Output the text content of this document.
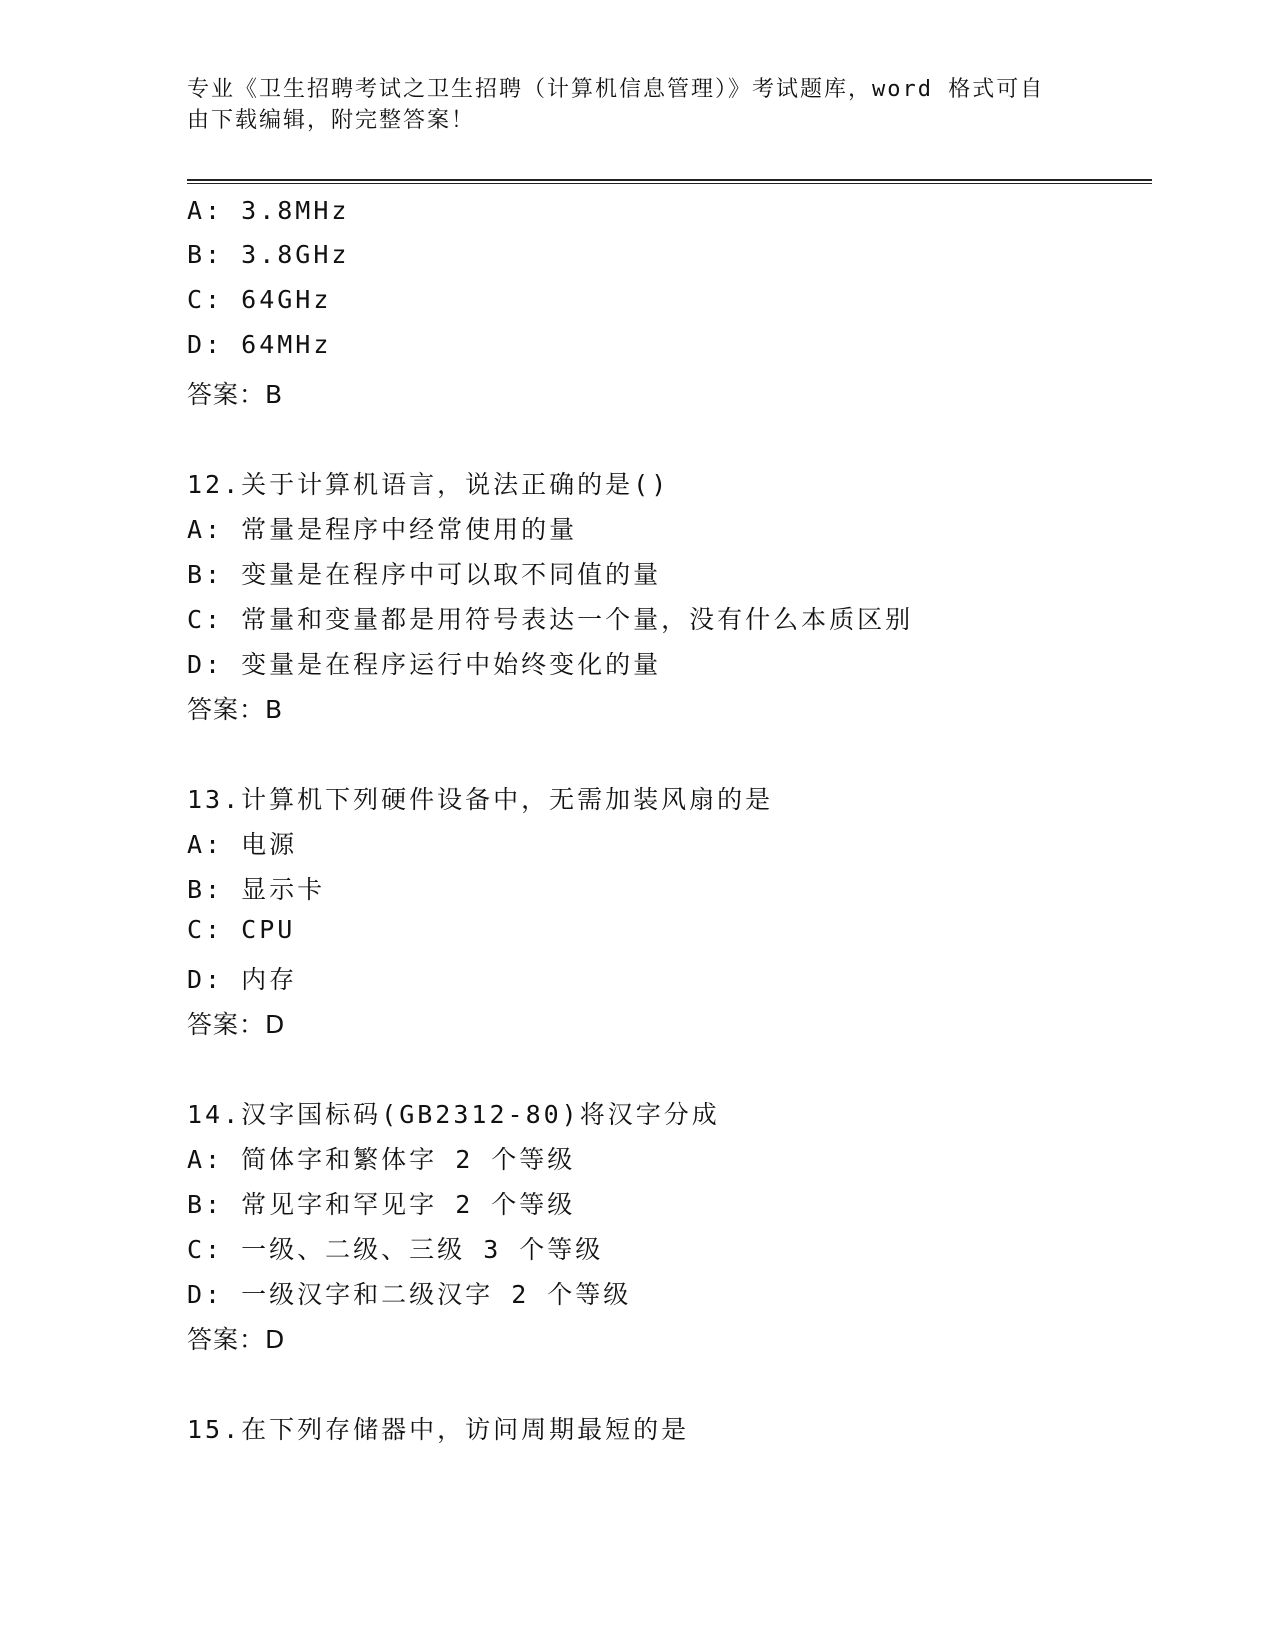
专业《卫生招聘考试之卫生招聘（计算机信息管理）》考试题库，word 格式可自
由下载编辑，附完整答案！
A: 3.8MHz
B: 3.8GHz
C: 64GHz
D: 64MHz
答案：B
12.关于计算机语言，说法正确的是()
A: 常量是程序中经常使用的量
B: 变量是在程序中可以取不同值的量
C: 常量和变量都是用符号表达一个量，没有什么本质区别
D: 变量是在程序运行中始终变化的量
答案：B
13.计算机下列硬件设备中，无需加装风扇的是
A: 电源
B: 显示卡
C: CPU
D: 内存
答案：D
14.汉字国标码(GB2312-80)将汉字分成
A: 简体字和繁体字 2 个等级
B: 常见字和罕见字 2 个等级
C: 一级、二级、三级 3 个等级
D: 一级汉字和二级汉字 2 个等级
答案：D
15.在下列存储器中，访问周期最短的是
